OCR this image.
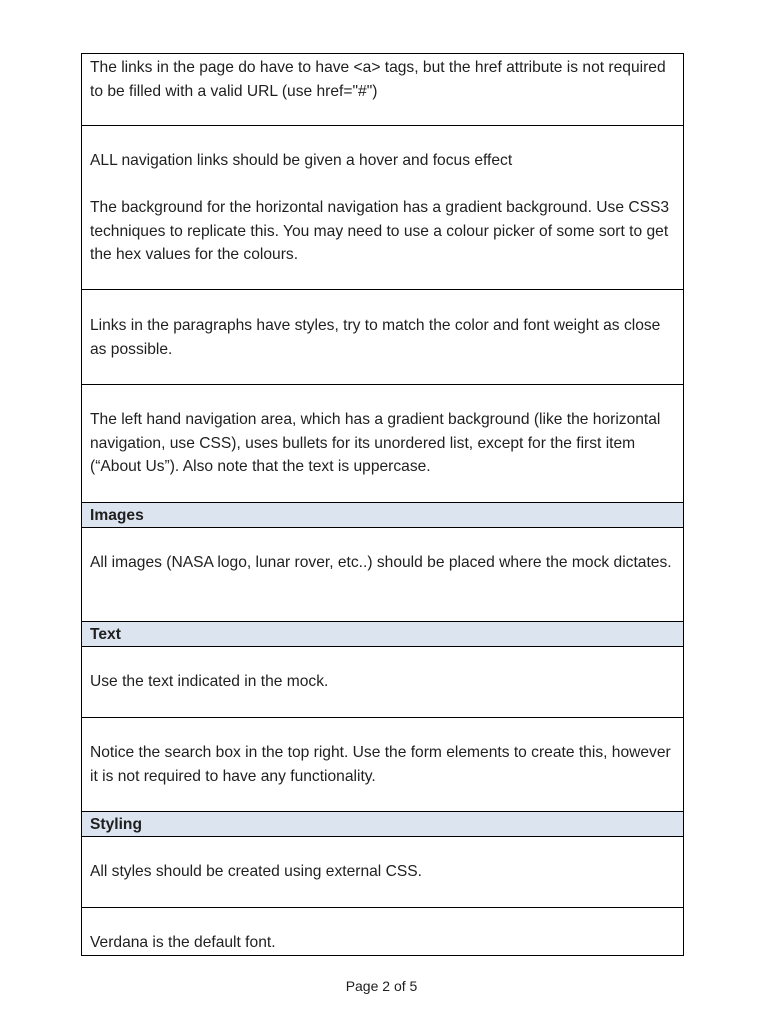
The links in the page do have to have <a> tags, but the href attribute is not required to be filled with a valid URL (use href="#")

ALL navigation links should be given a hover and focus effect

The background for the horizontal navigation has a gradient background. Use CSS3 techniques to replicate this. You may need to use a colour picker of some sort to get the hex values for the colours.

Links in the paragraphs have styles, try to match the color and font weight as close as possible.

The left hand navigation area, which has a gradient background (like the horizontal navigation, use CSS), uses bullets for its unordered list, except for the first item (“About Us”). Also note that the text is uppercase.

Images

All images (NASA logo, lunar rover, etc..) should be placed where the mock dictates.

Text

Use the text indicated in the mock.

Notice the search box in the top right. Use the form elements to create this, however it is not required to have any functionality.

Styling

All styles should be created using external CSS.

Verdana is the default font.

Page 2 of 5
